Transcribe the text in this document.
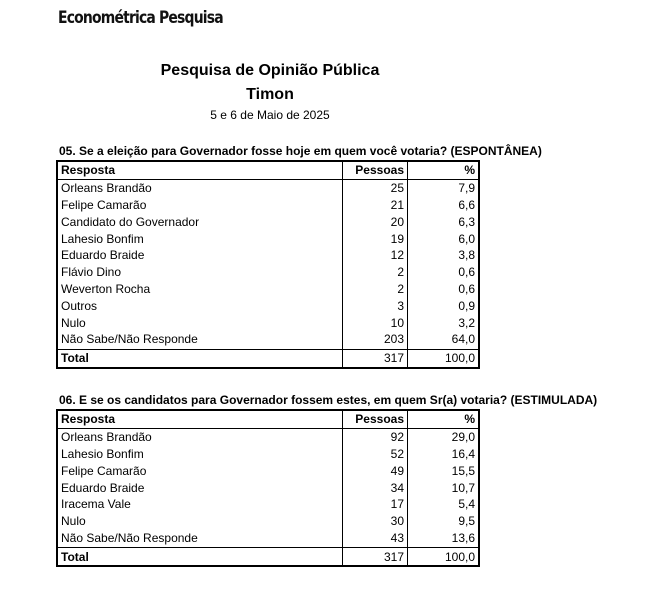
Econométrica Pesquisa
Pesquisa de Opinião Pública
Timon
5 e 6 de Maio de 2025
05. Se a eleição para Governador fosse hoje em quem você votaria? (ESPONTÂNEA)
Resposta	Pessoas	%
Orleans Brandão	25	7,9
Felipe Camarão	21	6,6
Candidato do Governador	20	6,3
Lahesio Bonfim	19	6,0
Eduardo Braide	12	3,8
Flávio Dino	2	0,6
Weverton Rocha	2	0,6
Outros	3	0,9
Nulo	10	3,2
Não Sabe/Não Responde	203	64,0
Total	317	100,0
06. E se os candidatos para Governador fossem estes, em quem Sr(a) votaria? (ESTIMULADA)
Resposta	Pessoas	%
Orleans Brandão	92	29,0
Lahesio Bonfim	52	16,4
Felipe Camarão	49	15,5
Eduardo Braide	34	10,7
Iracema Vale	17	5,4
Nulo	30	9,5
Não Sabe/Não Responde	43	13,6
Total	317	100,0
